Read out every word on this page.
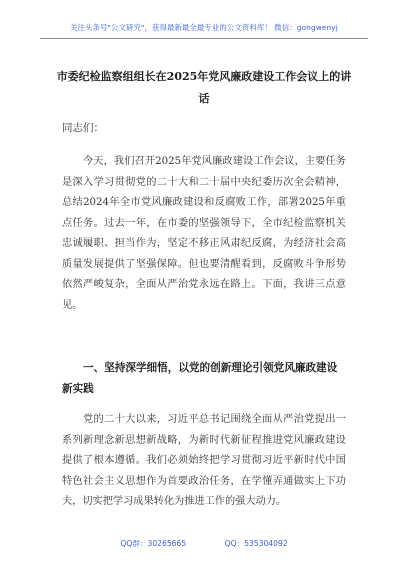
关注头条号"公文研究"，获得最新最全最专业的公文资料库！ 微信：gongwenyj
市委纪检监察组组长在2025年党风廉政建设工作会议上的讲话
同志们：
今天，我们召开2025年党风廉政建设工作会议，主要任务是深入学习贯彻党的二十大和二十届中央纪委历次全会精神，总结2024年全市党风廉政建设和反腐败工作，部署2025年重点任务。过去一年，在市委的坚强领导下，全市纪检监察机关忠诚履职、担当作为，坚定不移正风肃纪反腐，为经济社会高质量发展提供了坚强保障。但也要清醒看到，反腐败斗争形势依然严峻复杂，全面从严治党永远在路上。下面，我讲三点意见。
一、坚持深学细悟，以党的创新理论引领党风廉政建设新实践
党的二十大以来，习近平总书记围绕全面从严治党提出一系列新理念新思想新战略，为新时代新征程推进党风廉政建设提供了根本遵循。我们必须始终把学习贯彻习近平新时代中国特色社会主义思想作为首要政治任务，在学懂弄通做实上下功夫，切实把学习成果转化为推进工作的强大动力。
QQ群：30265665	QQ：535304092
